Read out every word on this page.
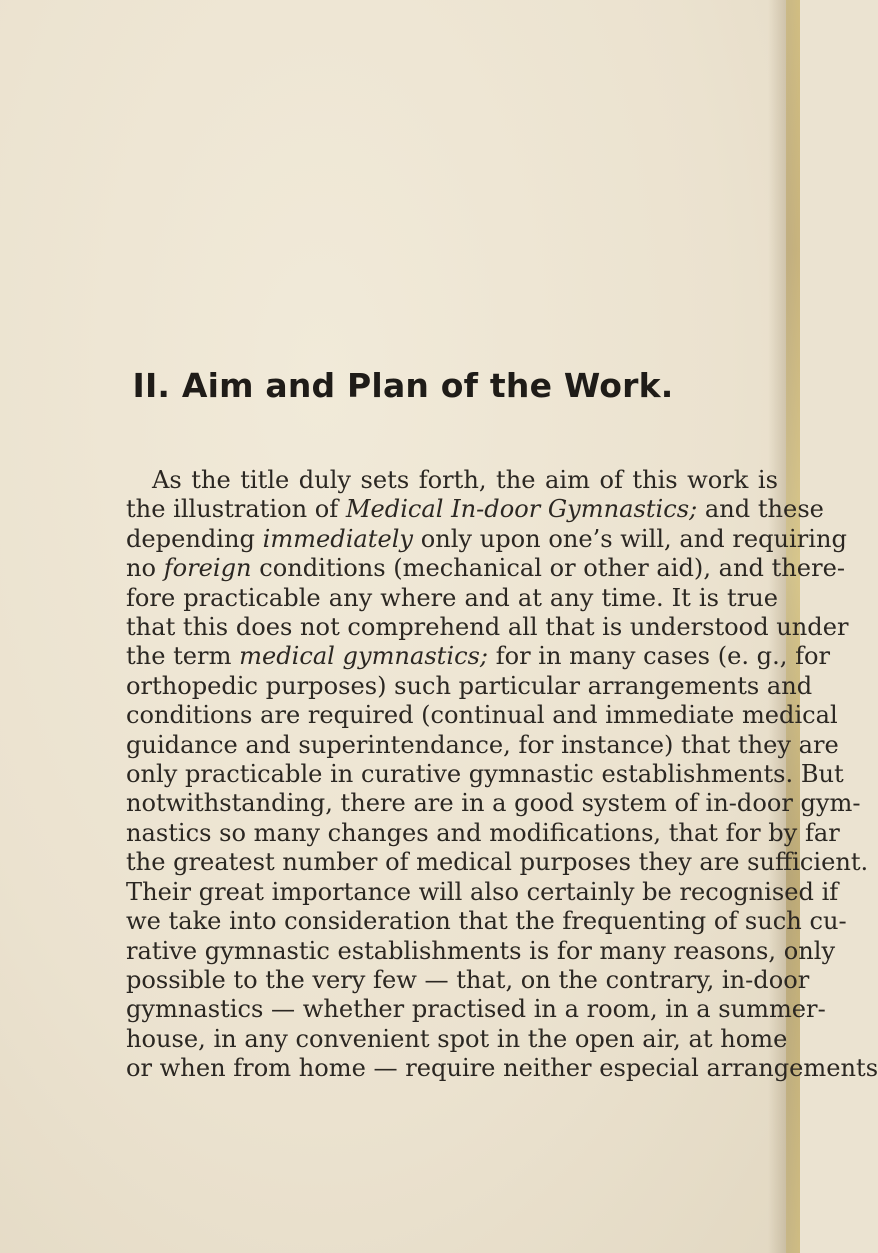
II. Aim and Plan of the Work.
As the title duly sets forth, the aim of this work is
the illustration of Medical In-door Gymnastics; and these
depending immediately only upon one’s will, and requiring
no foreign conditions (mechanical or other aid), and there-
fore practicable any where and at any time. It is true
that this does not comprehend all that is understood under
the term medical gymnastics; for in many cases (e. g., for
orthopedic purposes) such particular arrangements and
conditions are required (continual and immediate medical
guidance and superintendance, for instance) that they are
only practicable in curative gymnastic establishments. But
notwithstanding, there are in a good system of in-door gym-
nastics so many changes and modifications, that for by far
the greatest number of medical purposes they are sufficient.
Their great importance will also certainly be recognised if
we take into consideration that the frequenting of such cu-
rative gymnastic establishments is for many reasons, only
possible to the very few — that, on the contrary, in-door
gymnastics — whether practised in a room, in a summer-
house, in any convenient spot in the open air, at home
or when from home — require neither especial arrangements
